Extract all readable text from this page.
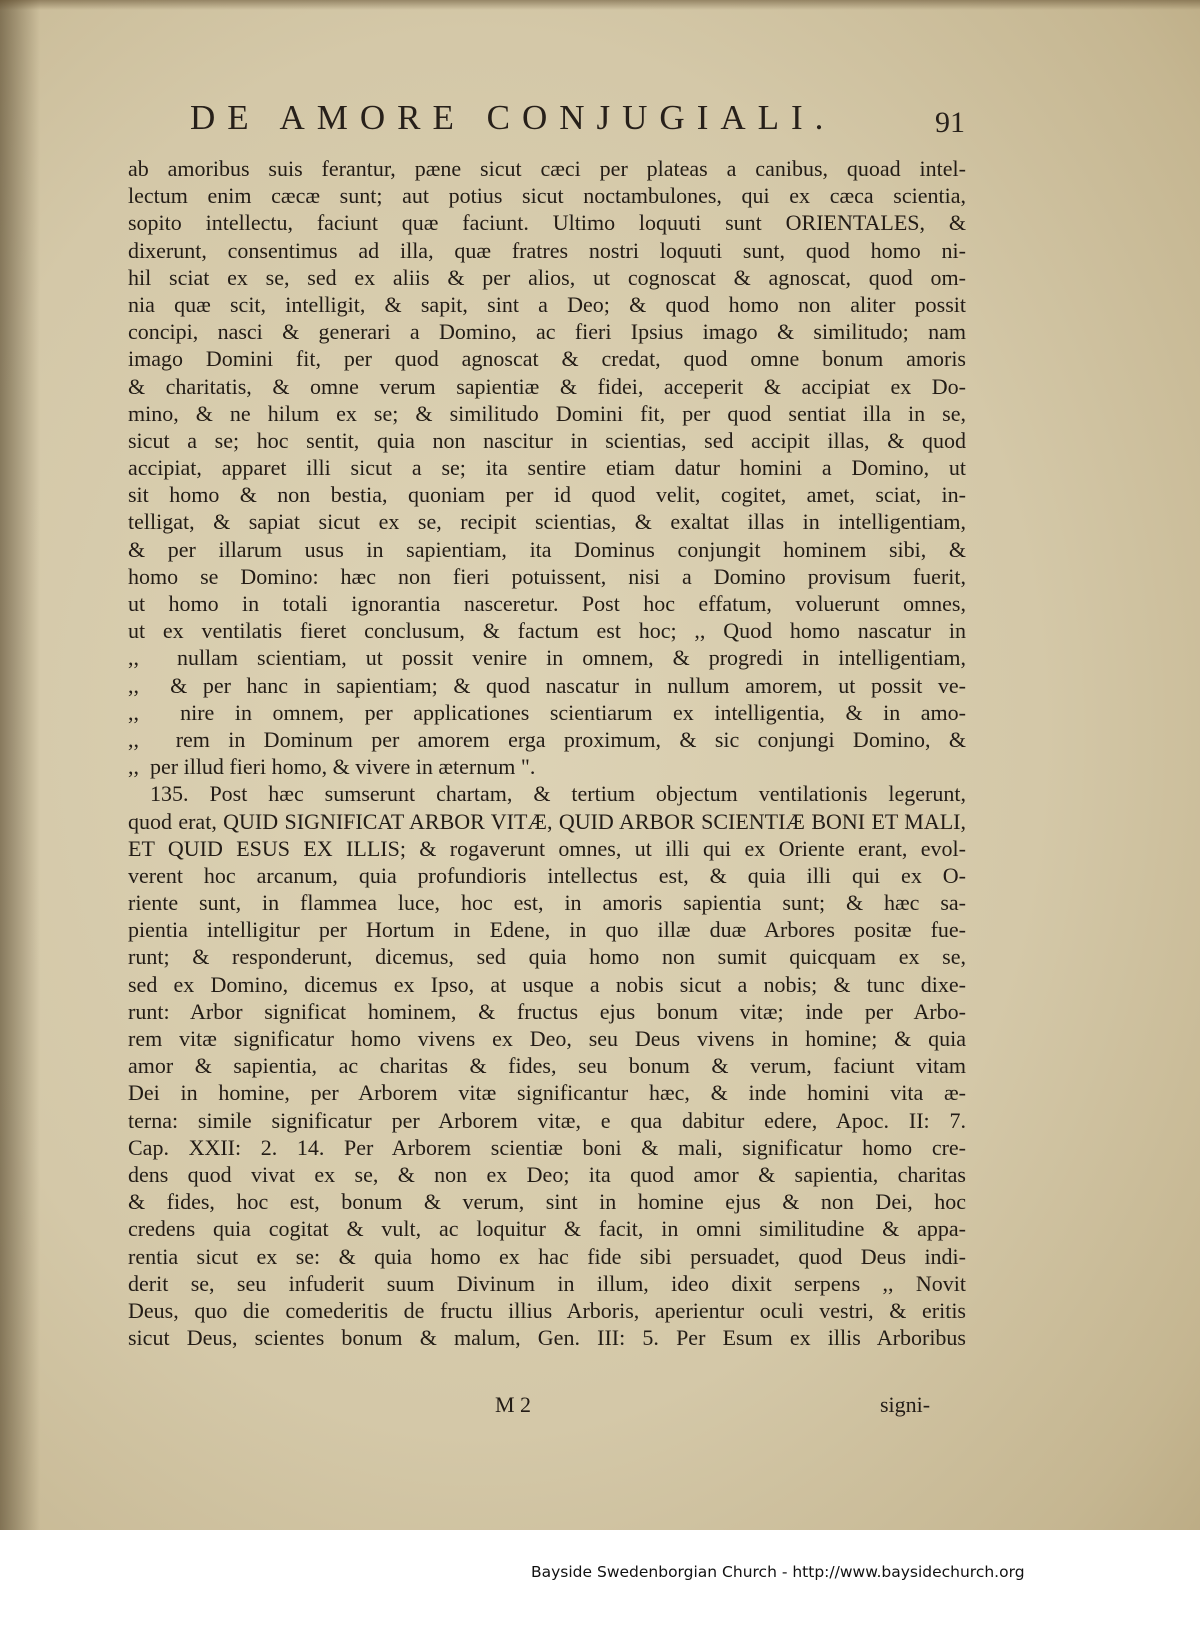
DE AMORE CONJUGIALI.	91
ab amoribus suis ferantur, pæne sicut cæci per plateas a canibus, quoad intel-
lectum enim cæcæ sunt; aut potius sicut noctambulones, qui ex cæca scientia,
sopito intellectu, faciunt quæ faciunt. Ultimo loquuti sunt ORIENTALES, &
dixerunt, consentimus ad illa, quæ fratres nostri loquuti sunt, quod homo ni-
hil sciat ex se, sed ex aliis & per alios, ut cognoscat & agnoscat, quod om-
nia quæ scit, intelligit, & sapit, sint a Deo; & quod homo non aliter possit
concipi, nasci & generari a Domino, ac fieri Ipsius imago & similitudo; nam
imago Domini fit, per quod agnoscat & credat, quod omne bonum amoris
& charitatis, & omne verum sapientiæ & fidei, acceperit & accipiat ex Do-
mino, & ne hilum ex se; & similitudo Domini fit, per quod sentiat illa in se,
sicut a se; hoc sentit, quia non nascitur in scientias, sed accipit illas, & quod
accipiat, apparet illi sicut a se; ita sentire etiam datur homini a Domino, ut
sit homo & non bestia, quoniam per id quod velit, cogitet, amet, sciat, in-
telligat, & sapiat sicut ex se, recipit scientias, & exaltat illas in intelligentiam,
& per illarum usus in sapientiam, ita Dominus conjungit hominem sibi, &
homo se Domino: hæc non fieri potuissent, nisi a Domino provisum fuerit,
ut homo in totali ignorantia nasceretur. Post hoc effatum, voluerunt omnes,
ut ex ventilatis fieret conclusum, & factum est hoc; ,, Quod homo nascatur in
,,  nullam scientiam, ut possit venire in omnem, & progredi in intelligentiam,
,,  & per hanc in sapientiam; & quod nascatur in nullum amorem, ut possit ve-
,,  nire in omnem, per applicationes scientiarum ex intelligentia, & in amo-
,,  rem in Dominum per amorem erga proximum, & sic conjungi Domino, &
,,  per illud fieri homo, & vivere in æternum ".
135. Post hæc sumserunt chartam, & tertium objectum ventilationis legerunt,
quod erat, QUID SIGNIFICAT ARBOR VITÆ, QUID ARBOR SCIENTIÆ BONI ET MALI,
ET QUID ESUS EX ILLIS; & rogaverunt omnes, ut illi qui ex Oriente erant, evol-
verent hoc arcanum, quia profundioris intellectus est, & quia illi qui ex O-
riente sunt, in flammea luce, hoc est, in amoris sapientia sunt; & hæc sa-
pientia intelligitur per Hortum in Edene, in quo illæ duæ Arbores positæ fue-
runt; & responderunt, dicemus, sed quia homo non sumit quicquam ex se,
sed ex Domino, dicemus ex Ipso, at usque a nobis sicut a nobis; & tunc dixe-
runt: Arbor significat hominem, & fructus ejus bonum vitæ; inde per Arbo-
rem vitæ significatur homo vivens ex Deo, seu Deus vivens in homine; & quia
amor & sapientia, ac charitas & fides, seu bonum & verum, faciunt vitam
Dei in homine, per Arborem vitæ significantur hæc, & inde homini vita æ-
terna: simile significatur per Arborem vitæ, e qua dabitur edere, Apoc. II: 7.
Cap. XXII: 2. 14. Per Arborem scientiæ boni & mali, significatur homo cre-
dens quod vivat ex se, & non ex Deo; ita quod amor & sapientia, charitas
& fides, hoc est, bonum & verum, sint in homine ejus & non Dei, hoc
credens quia cogitat & vult, ac loquitur & facit, in omni similitudine & appa-
rentia sicut ex se: & quia homo ex hac fide sibi persuadet, quod Deus indi-
derit se, seu infuderit suum Divinum in illum, ideo dixit serpens ,, Novit
Deus, quo die comederitis de fructu illius Arboris, aperientur oculi vestri, & eritis
sicut Deus, scientes bonum & malum, Gen. III: 5. Per Esum ex illis Arboribus
M 2	signi-
Bayside Swedenborgian Church - http://www.baysidechurch.org
